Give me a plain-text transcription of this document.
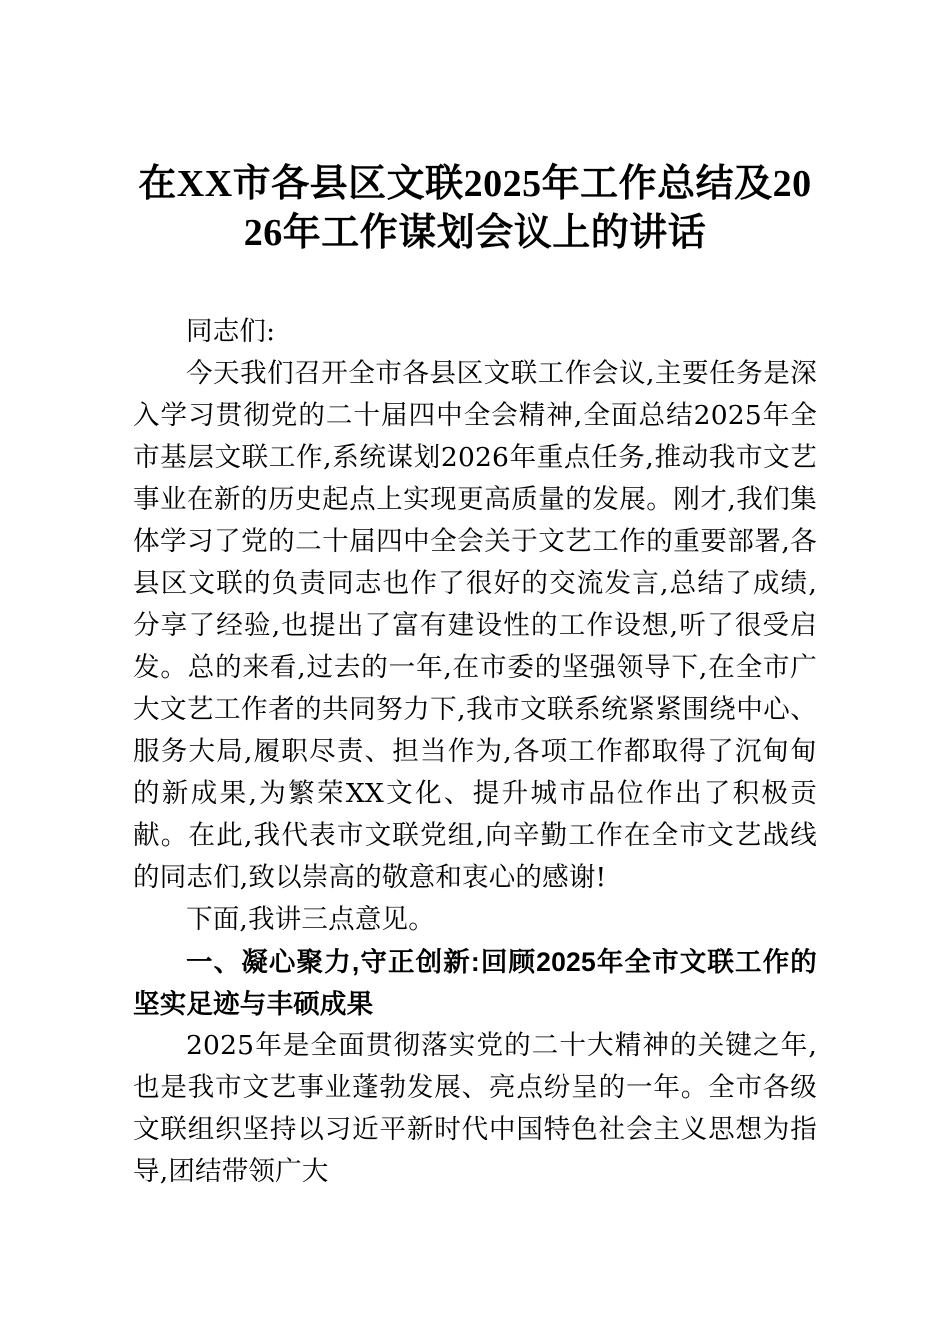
在XX市各县区文联2025年工作总结及2026年工作谋划会议上的讲话

同志们:

今天我们召开全市各县区文联工作会议,主要任务是深入学习贯彻党的二十届四中全会精神,全面总结2025年全市基层文联工作,系统谋划2026年重点任务,推动我市文艺事业在新的历史起点上实现更高质量的发展。刚才,我们集体学习了党的二十届四中全会关于文艺工作的重要部署,各县区文联的负责同志也作了很好的交流发言,总结了成绩,分享了经验,也提出了富有建设性的工作设想,听了很受启发。总的来看,过去的一年,在市委的坚强领导下,在全市广大文艺工作者的共同努力下,我市文联系统紧紧围绕中心、服务大局,履职尽责、担当作为,各项工作都取得了沉甸甸的新成果,为繁荣XX文化、提升城市品位作出了积极贡献。在此,我代表市文联党组,向辛勤工作在全市文艺战线的同志们,致以崇高的敬意和衷心的感谢!

下面,我讲三点意见。

一、凝心聚力,守正创新:回顾2025年全市文联工作的坚实足迹与丰硕成果

2025年是全面贯彻落实党的二十大精神的关键之年,也是我市文艺事业蓬勃发展、亮点纷呈的一年。全市各级文联组织坚持以习近平新时代中国特色社会主义思想为指导,团结带领广大
